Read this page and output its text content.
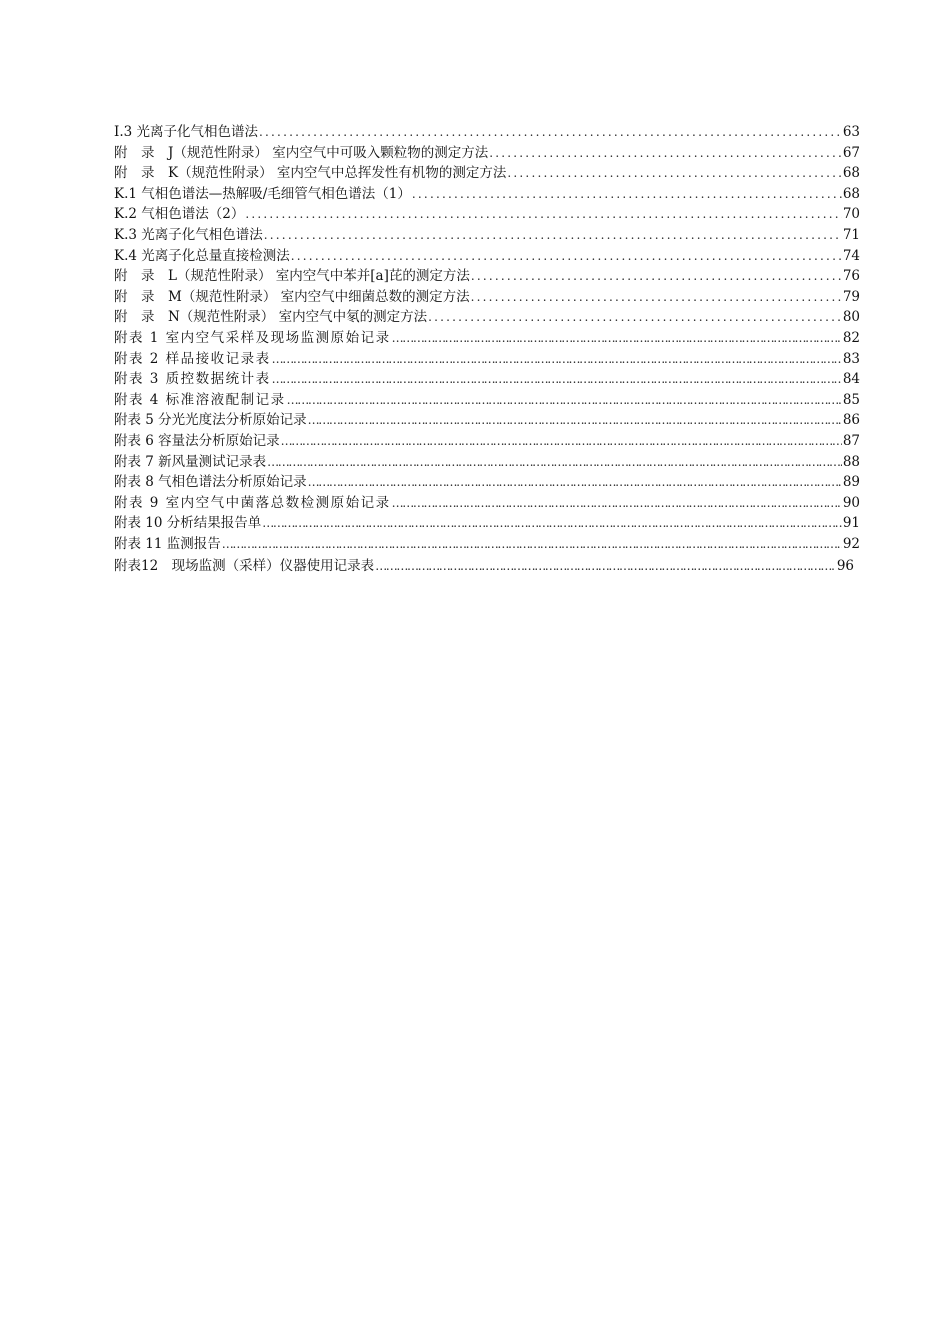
I.3 光离子化气相色谱法 .....	63
附　录　J（规范性附录） 室内空气中可吸入颗粒物的测定方法 .....	67
附　录　K（规范性附录） 室内空气中总挥发性有机物的测定方法 .....	68
K.1 气相色谱法—热解吸/毛细管气相色谱法（1） .....	68
K.2 气相色谱法（2） .....	70
K.3 光离子化气相色谱法 .....	71
K.4 光离子化总量直接检测法 .....	74
附　录　L（规范性附录） 室内空气中苯并[a]芘的测定方法 .....	76
附　录　M（规范性附录） 室内空气中细菌总数的测定方法 .....	79
附　录　N（规范性附录） 室内空气中氡的测定方法 .....	80
附表 1 室内空气采样及现场监测原始记录 …………………………………………………………………………………………………………………………………………………………………………………………………………	82
附表 2 样品接收记录表 …………………………………………………………………………………………………………………………………………………………………………………………………………	83
附表 3 质控数据统计表 …………………………………………………………………………………………………………………………………………………………………………………………………………	84
附表 4 标准溶液配制记录 …………………………………………………………………………………………………………………………………………………………………………………………………………	85
附表 5 分光光度法分析原始记录 …………………………………………………………………………………………………………………………………………………………………………………………………………	86
附表 6 容量法分析原始记录 …………………………………………………………………………………………………………………………………………………………………………………………………………	87
附表 7 新风量测试记录表 …………………………………………………………………………………………………………………………………………………………………………………………………………	88
附表 8 气相色谱法分析原始记录 …………………………………………………………………………………………………………………………………………………………………………………………………………	89
附表 9 室内空气中菌落总数检测原始记录 …………………………………………………………………………………………………………………………………………………………………………………………………………	90
附表 10 分析结果报告单 …………………………………………………………………………………………………………………………………………………………………………………………………………	91
附表 11 监测报告 …………………………………………………………………………………………………………………………………………………………………………………………………………	92
附表12　现场监测（采样）仪器使用记录表 …………………………………………………………………………………………………………………………………………………………………………………………………………	96
